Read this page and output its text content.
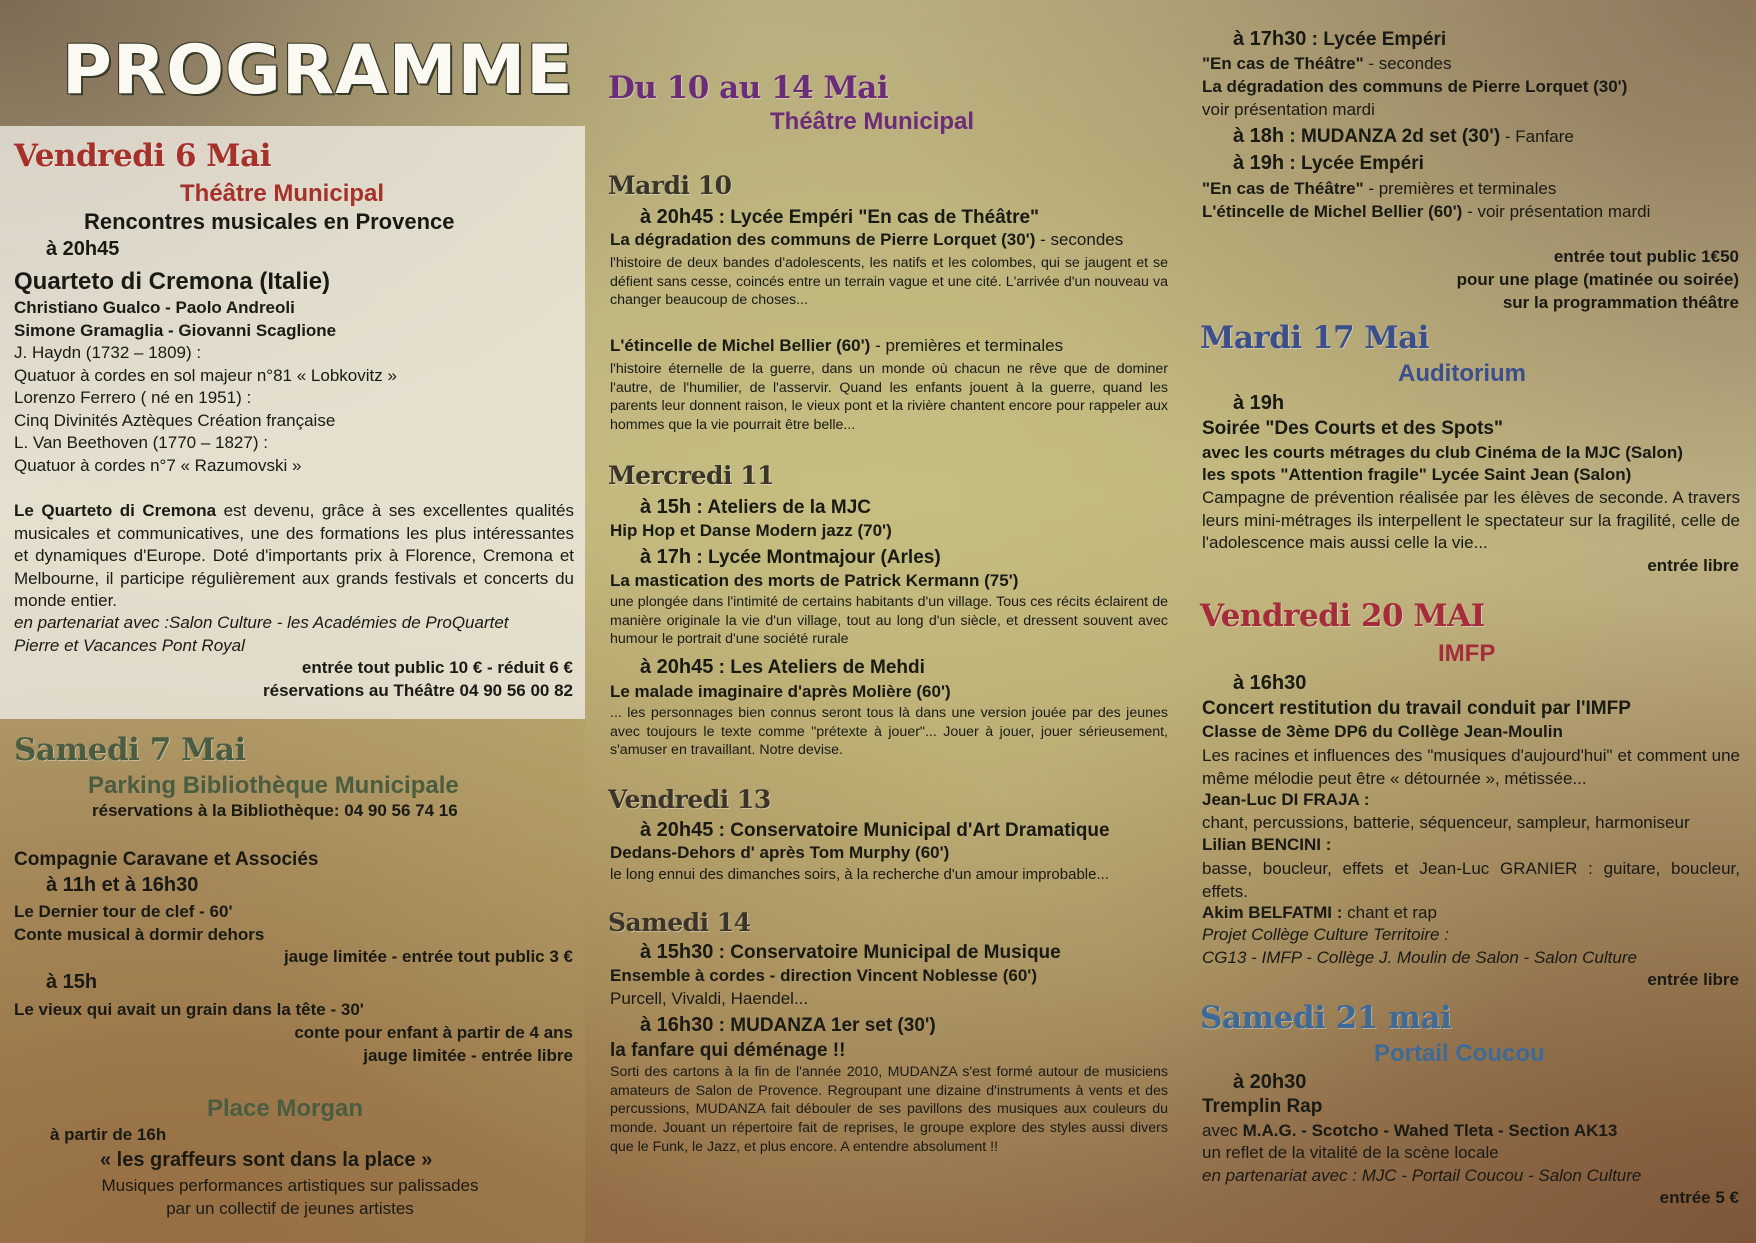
PROGRAMME
Vendredi 6 Mai
Théâtre Municipal
Rencontres musicales en Provence
à 20h45
Quarteto di Cremona (Italie)
Christiano Gualco - Paolo Andreoli
Simone Gramaglia - Giovanni Scaglione
J. Haydn (1732 – 1809) :
Quatuor à cordes en sol majeur n°81 « Lobkovitz »
Lorenzo Ferrero ( né en 1951) :
Cinq Divinités Aztèques Création française
L. Van Beethoven (1770 – 1827) :
Quatuor à cordes n°7 « Razumovski »
Le Quarteto di Cremona est devenu, grâce à ses excellentes qualités musicales et communicatives, une des formations les plus intéressantes et dynamiques d'Europe. Doté d'importants prix à Florence, Cremona et Melbourne, il participe régulièrement aux grands festivals et concerts du monde entier.
en partenariat avec :Salon Culture - les Académies de ProQuartet
Pierre et Vacances Pont Royal
entrée tout public 10 € - réduit 6 €
réservations au Théâtre 04 90 56 00 82
Samedi 7 Mai
Parking Bibliothèque Municipale
réservations à la Bibliothèque: 04 90 56 74 16
Compagnie Caravane et Associés
à 11h et à 16h30
Le Dernier tour de clef - 60'
Conte musical à dormir dehors
jauge limitée - entrée tout public 3 €
à 15h
Le vieux qui avait un grain dans la tête - 30'
conte pour enfant à partir de 4 ans
jauge limitée - entrée libre
Place Morgan
à partir de 16h
« les graffeurs sont dans la place »
Musiques performances artistiques sur palissades
par un collectif de jeunes artistes
Du 10 au 14 Mai
Théâtre Municipal
Mardi 10
à 20h45 : Lycée Empéri "En cas de Théâtre"
La dégradation des communs de Pierre Lorquet (30') - secondes
l'histoire de deux bandes d'adolescents, les natifs et les colombes, qui se jaugent et se défient sans cesse, coincés entre un terrain vague et une cité. L'arrivée d'un nouveau va changer beaucoup de choses...
L'étincelle de Michel Bellier (60') - premières et terminales
l'histoire éternelle de la guerre, dans un monde où chacun ne rêve que de dominer l'autre, de l'humilier, de l'asservir. Quand les enfants jouent à la guerre, quand les parents leur donnent raison, le vieux pont et la rivière chantent encore pour rappeler aux hommes que la vie pourrait être belle...
Mercredi 11
à 15h : Ateliers de la MJC
Hip Hop et Danse Modern jazz (70')
à 17h : Lycée Montmajour (Arles)
La mastication des morts de Patrick Kermann (75')
une plongée dans l'intimité de certains habitants d'un village. Tous ces récits éclairent de manière originale la vie d'un village, tout au long d'un siècle, et dressent souvent avec humour le portrait d'une société rurale
à 20h45 : Les Ateliers de Mehdi
Le malade imaginaire d'après Molière (60')
... les personnages bien connus seront tous là dans une version jouée par des jeunes avec toujours le texte comme "prétexte à jouer"... Jouer à jouer, jouer sérieusement, s'amuser en travaillant. Notre devise.
Vendredi 13
à 20h45 : Conservatoire Municipal d'Art Dramatique
Dedans-Dehors d' après Tom Murphy (60')
le long ennui des dimanches soirs, à la recherche d'un amour improbable...
Samedi 14
à 15h30 : Conservatoire Municipal de Musique
Ensemble à cordes - direction Vincent Noblesse (60')
Purcell, Vivaldi, Haendel...
à 16h30 : MUDANZA 1er set (30')
la fanfare qui déménage !!
Sorti des cartons à la fin de l'année 2010, MUDANZA s'est formé autour de musiciens amateurs de Salon de Provence. Regroupant une dizaine d'instruments à vents et des percussions, MUDANZA fait débouler de ses pavillons des musiques aux couleurs du monde. Jouant un répertoire fait de reprises, le groupe explore des styles aussi divers que le Funk, le Jazz, et plus encore. A entendre absolument !!
à 17h30 : Lycée Empéri
"En cas de Théâtre" - secondes
La dégradation des communs de Pierre Lorquet (30')
voir présentation mardi
à 18h : MUDANZA 2d set (30') - Fanfare
à 19h : Lycée Empéri
"En cas de Théâtre" - premières et terminales
L'étincelle de Michel Bellier (60') - voir présentation mardi
entrée tout public 1€50
pour une plage (matinée ou soirée)
sur la programmation théâtre
Mardi 17 Mai
Auditorium
à 19h
Soirée "Des Courts et des Spots"
avec les courts métrages du club Cinéma de la MJC (Salon)
les spots "Attention fragile" Lycée Saint Jean (Salon)
Campagne de prévention réalisée par les élèves de seconde. A travers leurs mini-métrages ils interpellent le spectateur sur la fragilité, celle de l'adolescence mais aussi celle la vie...
entrée libre
Vendredi 20 MAI
IMFP
à 16h30
Concert restitution du travail conduit par l'IMFP
Classe de 3ème DP6 du Collège Jean-Moulin
Les racines et influences des "musiques d'aujourd'hui" et comment une même mélodie peut être « détournée », métissée...
Jean-Luc DI FRAJA :
chant, percussions, batterie, séquenceur, sampleur, harmoniseur
Lilian BENCINI :
basse, boucleur, effets et Jean-Luc GRANIER : guitare, boucleur, effets.
Akim BELFATMI : chant et rap
Projet Collège Culture Territoire :
CG13 - IMFP - Collège J. Moulin de Salon - Salon Culture
entrée libre
Samedi 21 mai
Portail Coucou
à 20h30
Tremplin Rap
avec M.A.G. - Scotcho - Wahed Tleta - Section AK13
un reflet de la vitalité de la scène locale
en partenariat avec : MJC - Portail Coucou - Salon Culture
entrée 5 €
